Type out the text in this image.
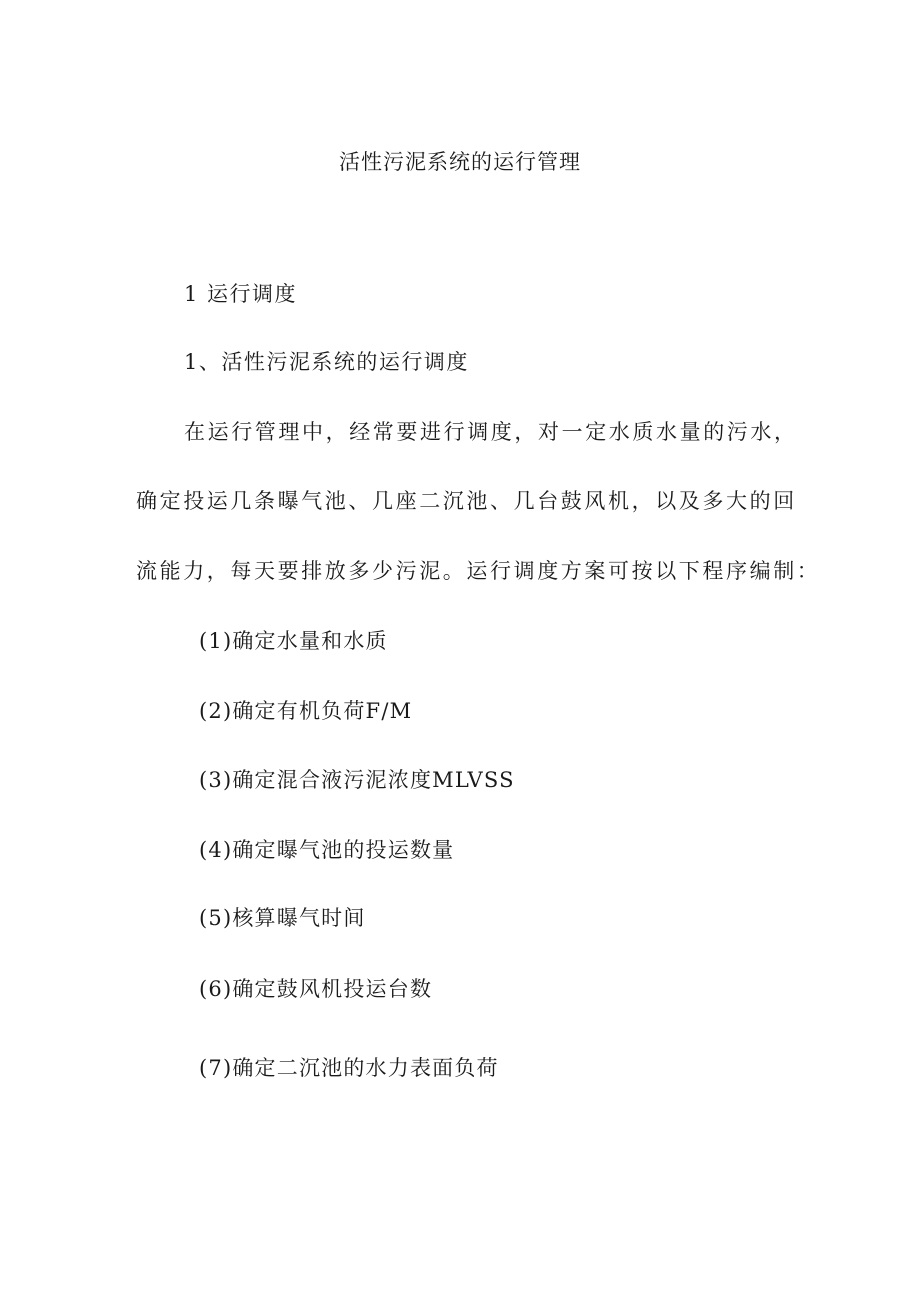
活性污泥系统的运行管理
1 运行调度
1、活性污泥系统的运行调度
在运行管理中，经常要进行调度，对一定水质水量的污水，
确定投运几条曝气池、几座二沉池、几台鼓风机，以及多大的回
流能力，每天要排放多少污泥。运行调度方案可按以下程序编制：
(1)确定水量和水质
(2)确定有机负荷F/M
(3)确定混合液污泥浓度MLVSS
(4)确定曝气池的投运数量
(5)核算曝气时间
(6)确定鼓风机投运台数
(7)确定二沉池的水力表面负荷
